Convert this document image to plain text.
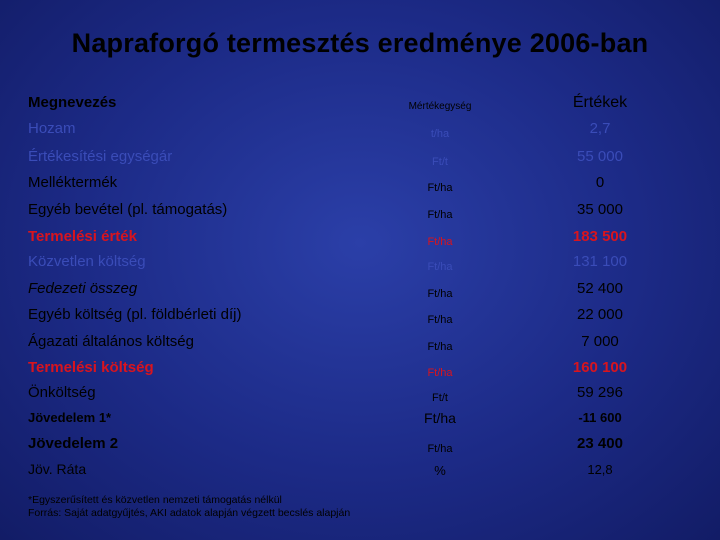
Napraforgó termesztés eredménye 2006-ban
Megnevezés	Mértékegység	Értékek
Hozam	t/ha	2,7
Értékesítési egységár	Ft/t	55 000
Melléktermék	Ft/ha	0
Egyéb bevétel (pl. támogatás)	Ft/ha	35 000
Termelési érték	Ft/ha	183 500
Közvetlen költség	Ft/ha	131 100
Fedezeti összeg	Ft/ha	52 400
Egyéb költség (pl. földbérleti díj)	Ft/ha	22 000
Ágazati általános költség	Ft/ha	7 000
Termelési költség	Ft/ha	160 100
Önköltség	Ft/t	59 296
Jövedelem 1*	Ft/ha	-11 600
Jövedelem 2	Ft/ha	23 400
Jöv. Ráta	%	12,8
*Egyszerűsített és közvetlen nemzeti támogatás nélkül
Forrás: Saját adatgyűjtés, AKI adatok alapján végzett becslés alapján
